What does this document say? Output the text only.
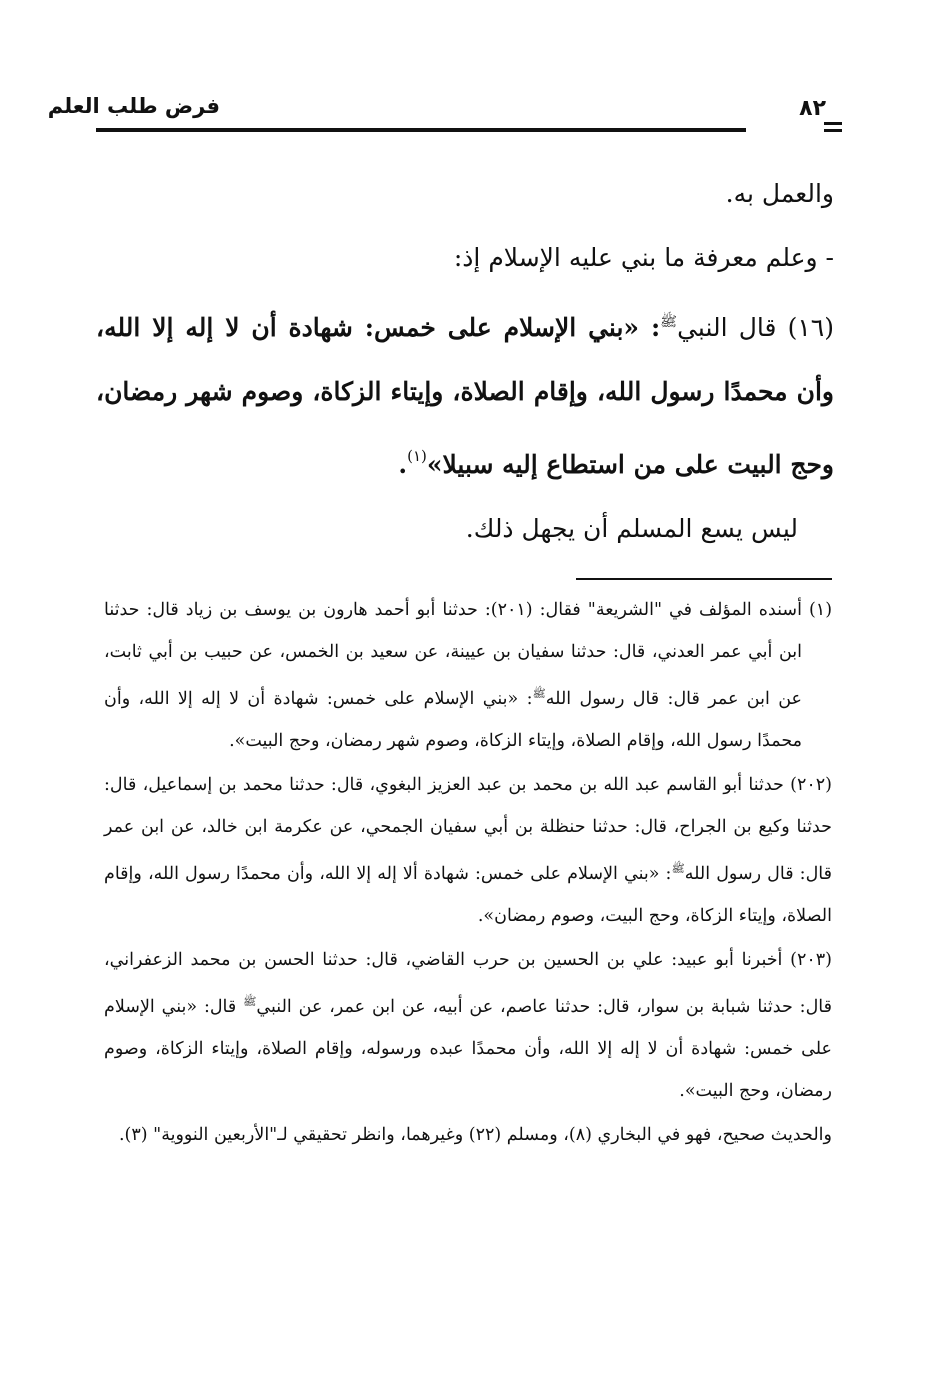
فرض طلب العلم	٨٢

والعمل به.

- وعلم معرفة ما بني عليه الإسلام إذ:

(١٦) قال النبي$^ﷺ$: «بني الإسلام على خمس: شهادة أن لا إله إلا الله، وأن محمدًا رسول الله، وإقام الصلاة، وإيتاء الزكاة، وصوم شهر رمضان، وحج البيت على من استطاع إليه سبيلا»$^{(١)}$.

ليس يسع المسلم أن يجهل ذلك.

(١) أسنده المؤلف في "الشريعة" فقال: (٢٠١): حدثنا أبو أحمد هارون بن يوسف بن زياد قال: حدثنا ابن أبي عمر العدني، قال: حدثنا سفيان بن عيينة، عن سعيد بن الخمس، عن حبيب بن أبي ثابت، عن ابن عمر قال: قال رسول الله$^ﷺ$: «بني الإسلام على خمس: شهادة أن لا إله إلا الله، وأن محمدًا رسول الله، وإقام الصلاة، وإيتاء الزكاة، وصوم شهر رمضان، وحج البيت».

(٢٠٢) حدثنا أبو القاسم عبد الله بن محمد بن عبد العزيز البغوي، قال: حدثنا محمد بن إسماعيل، قال: حدثنا وكيع بن الجراح، قال: حدثنا حنظلة بن أبي سفيان الجمحي، عن عكرمة ابن خالد، عن ابن عمر قال: قال رسول الله$^ﷺ$: «بني الإسلام على خمس: شهادة ألا إله إلا الله، وأن محمدًا رسول الله، وإقام الصلاة، وإيتاء الزكاة، وحج البيت، وصوم رمضان».

(٢٠٣) أخبرنا أبو عبيد: علي بن الحسين بن حرب القاضي، قال: حدثنا الحسن بن محمد الزعفراني، قال: حدثنا شبابة بن سوار، قال: حدثنا عاصم، عن أبيه، عن ابن عمر، عن النبي$^ﷺ$ قال: «بني الإسلام على خمس: شهادة أن لا إله إلا الله، وأن محمدًا عبده ورسوله، وإقام الصلاة، وإيتاء الزكاة، وصوم رمضان، وحج البيت».

والحديث صحيح، فهو في البخاري (٨)، ومسلم (٢٢) وغيرهما، وانظر تحقيقي لـ"الأربعين النووية" (٣).
